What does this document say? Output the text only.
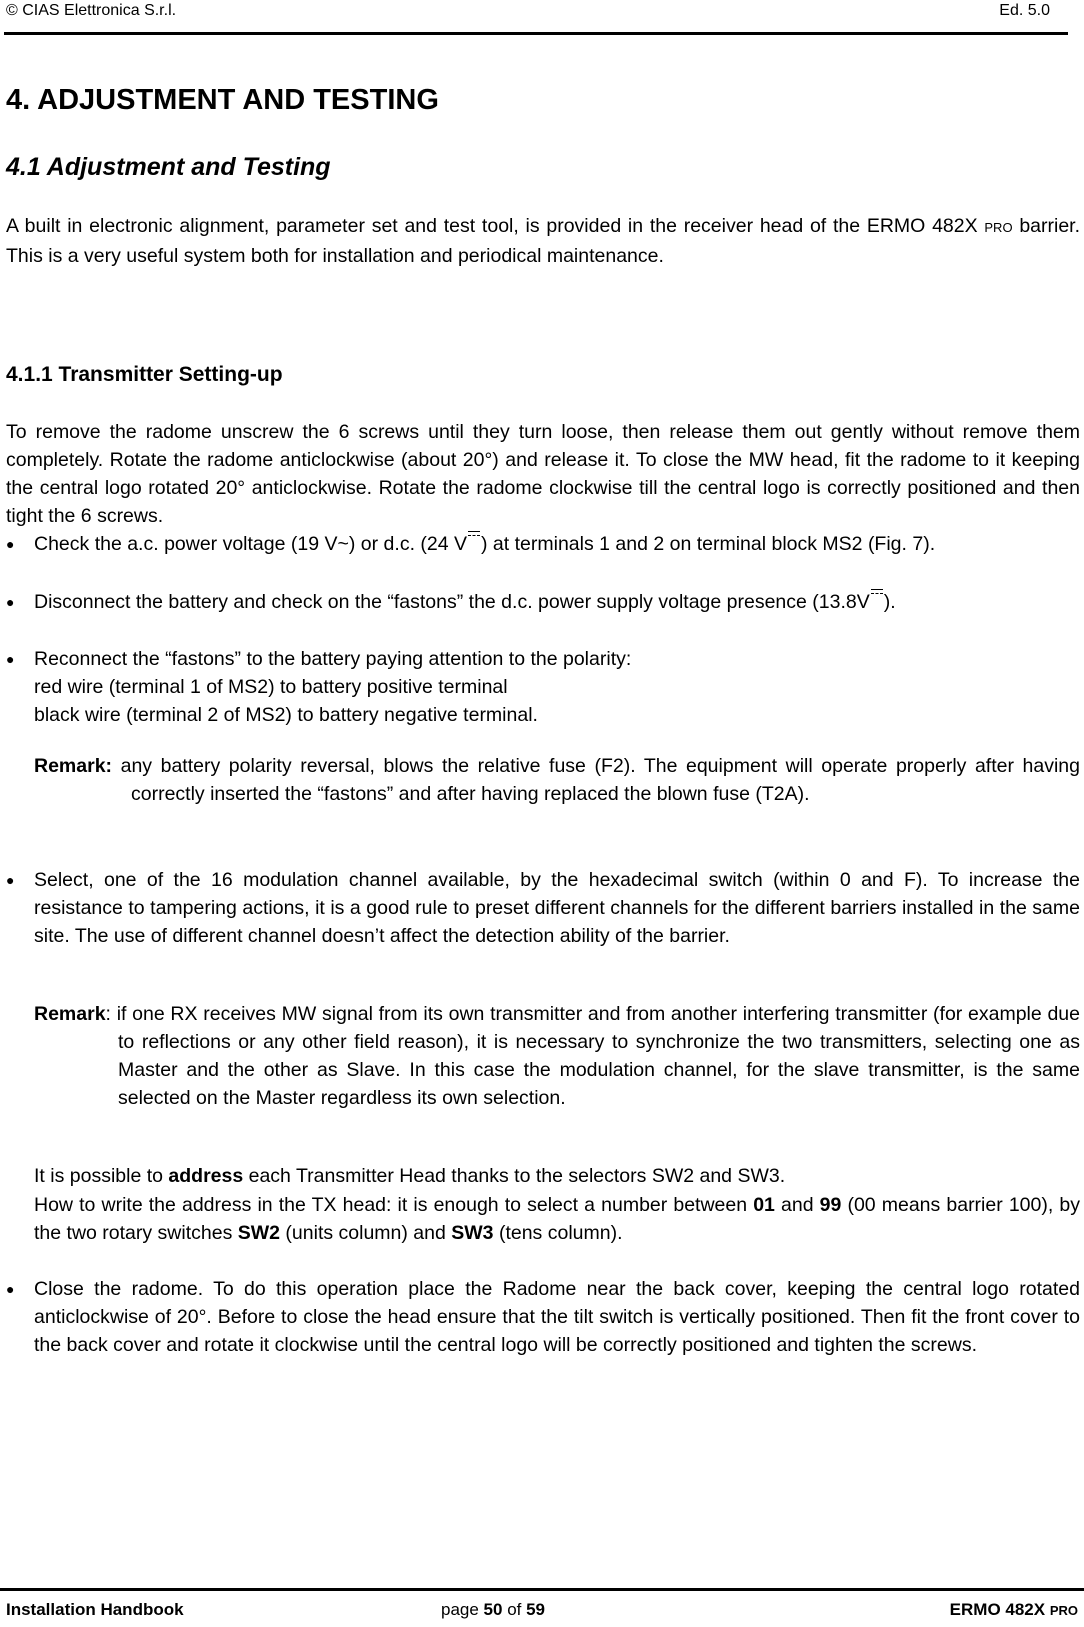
© CIAS Elettronica S.r.l.	Ed. 5.0
4. ADJUSTMENT AND TESTING
4.1 Adjustment and Testing

A built in electronic alignment, parameter set and test tool, is provided in the receiver head of the ERMO 482X PRO barrier. This is a very useful system both for installation and periodical maintenance.

4.1.1 Transmitter Setting-up

To remove the radome unscrew the 6 screws until they turn loose, then release them out gently without remove them completely. Rotate the radome anticlockwise (about 20°) and release it. To close the MW head, fit the radome to it keeping the central logo rotated 20° anticlockwise. Rotate the radome clockwise till the central logo is correctly positioned and then tight the 6 screws.

●	Check the a.c. power voltage (19 V~) or d.c. (24 V ) at terminals 1 and 2 on terminal block MS2 (Fig. 7).
●	Disconnect the battery and check on the “fastons” the d.c. power supply voltage presence (13.8V ).
●	Reconnect the “fastons” to the battery paying attention to the polarity:
red wire (terminal 1 of MS2) to battery positive terminal
black wire (terminal 2 of MS2) to battery negative terminal.
Remark: any battery polarity reversal, blows the relative fuse (F2). The equipment will operate properly after having correctly inserted the “fastons” and after having replaced the blown fuse (T2A).
●	Select, one of the 16 modulation channel available, by the hexadecimal switch (within 0 and F). To increase the resistance to tampering actions, it is a good rule to preset different channels for the different barriers installed in the same site. The use of different channel doesn’t affect the detection ability of the barrier.
Remark: if one RX receives MW signal from its own transmitter and from another interfering transmitter (for example due to reflections or any other field reason), it is necessary to synchronize the two transmitters, selecting one as Master and the other as Slave. In this case the modulation channel, for the slave transmitter, is the same selected on the Master regardless its own selection.

It is possible to address each Transmitter Head thanks to the selectors SW2 and SW3.

How to write the address in the TX head: it is enough to select a number between 01 and 99 (00 means barrier 100), by the two rotary switches SW2 (units column) and SW3 (tens column).

●	Close the radome. To do this operation place the Radome near the back cover, keeping the central logo rotated anticlockwise of 20°. Before to close the head ensure that the tilt switch is vertically positioned. Then fit the front cover to the back cover and rotate it clockwise until the central logo will be correctly positioned and tighten the screws.
Installation Handbook	page 50 of 59	ERMO 482X PRO
